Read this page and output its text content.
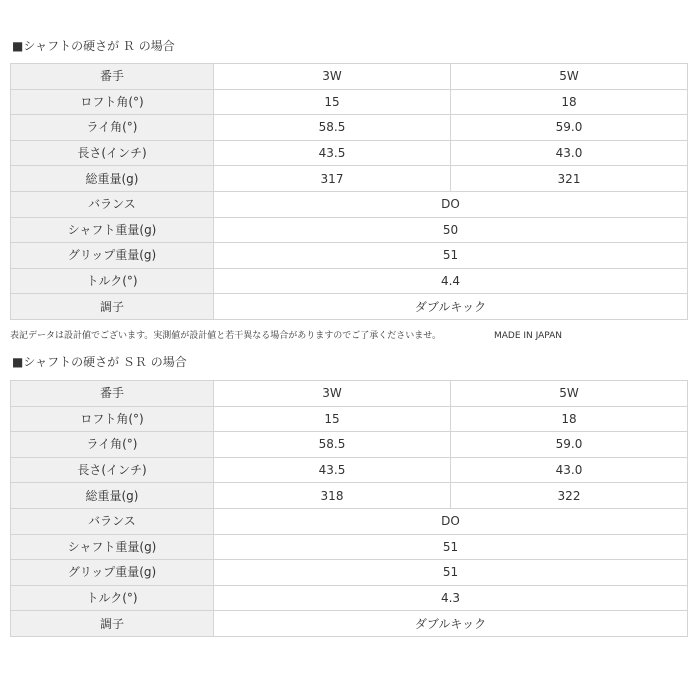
■シャフトの硬さが Ｒ の場合
番手	3W	5W
ロフト角(°)	15	18
ライ角(°)	58.5	59.0
長さ(インチ)	43.5	43.0
総重量(g)	317	321
バランス	DO	
シャフト重量(g)	50	
グリップ重量(g)	51	
トルク(°)	4.4	
調子	ダブルキック	
表記データは設計値でございます。実測値が設計値と若干異なる場合がありますのでご了承くださいませ。	MADE IN JAPAN
■シャフトの硬さが ＳＲ の場合
番手	3W	5W
ロフト角(°)	15	18
ライ角(°)	58.5	59.0
長さ(インチ)	43.5	43.0
総重量(g)	318	322
バランス	DO	
シャフト重量(g)	51	
グリップ重量(g)	51	
トルク(°)	4.3	
調子	ダブルキック	
